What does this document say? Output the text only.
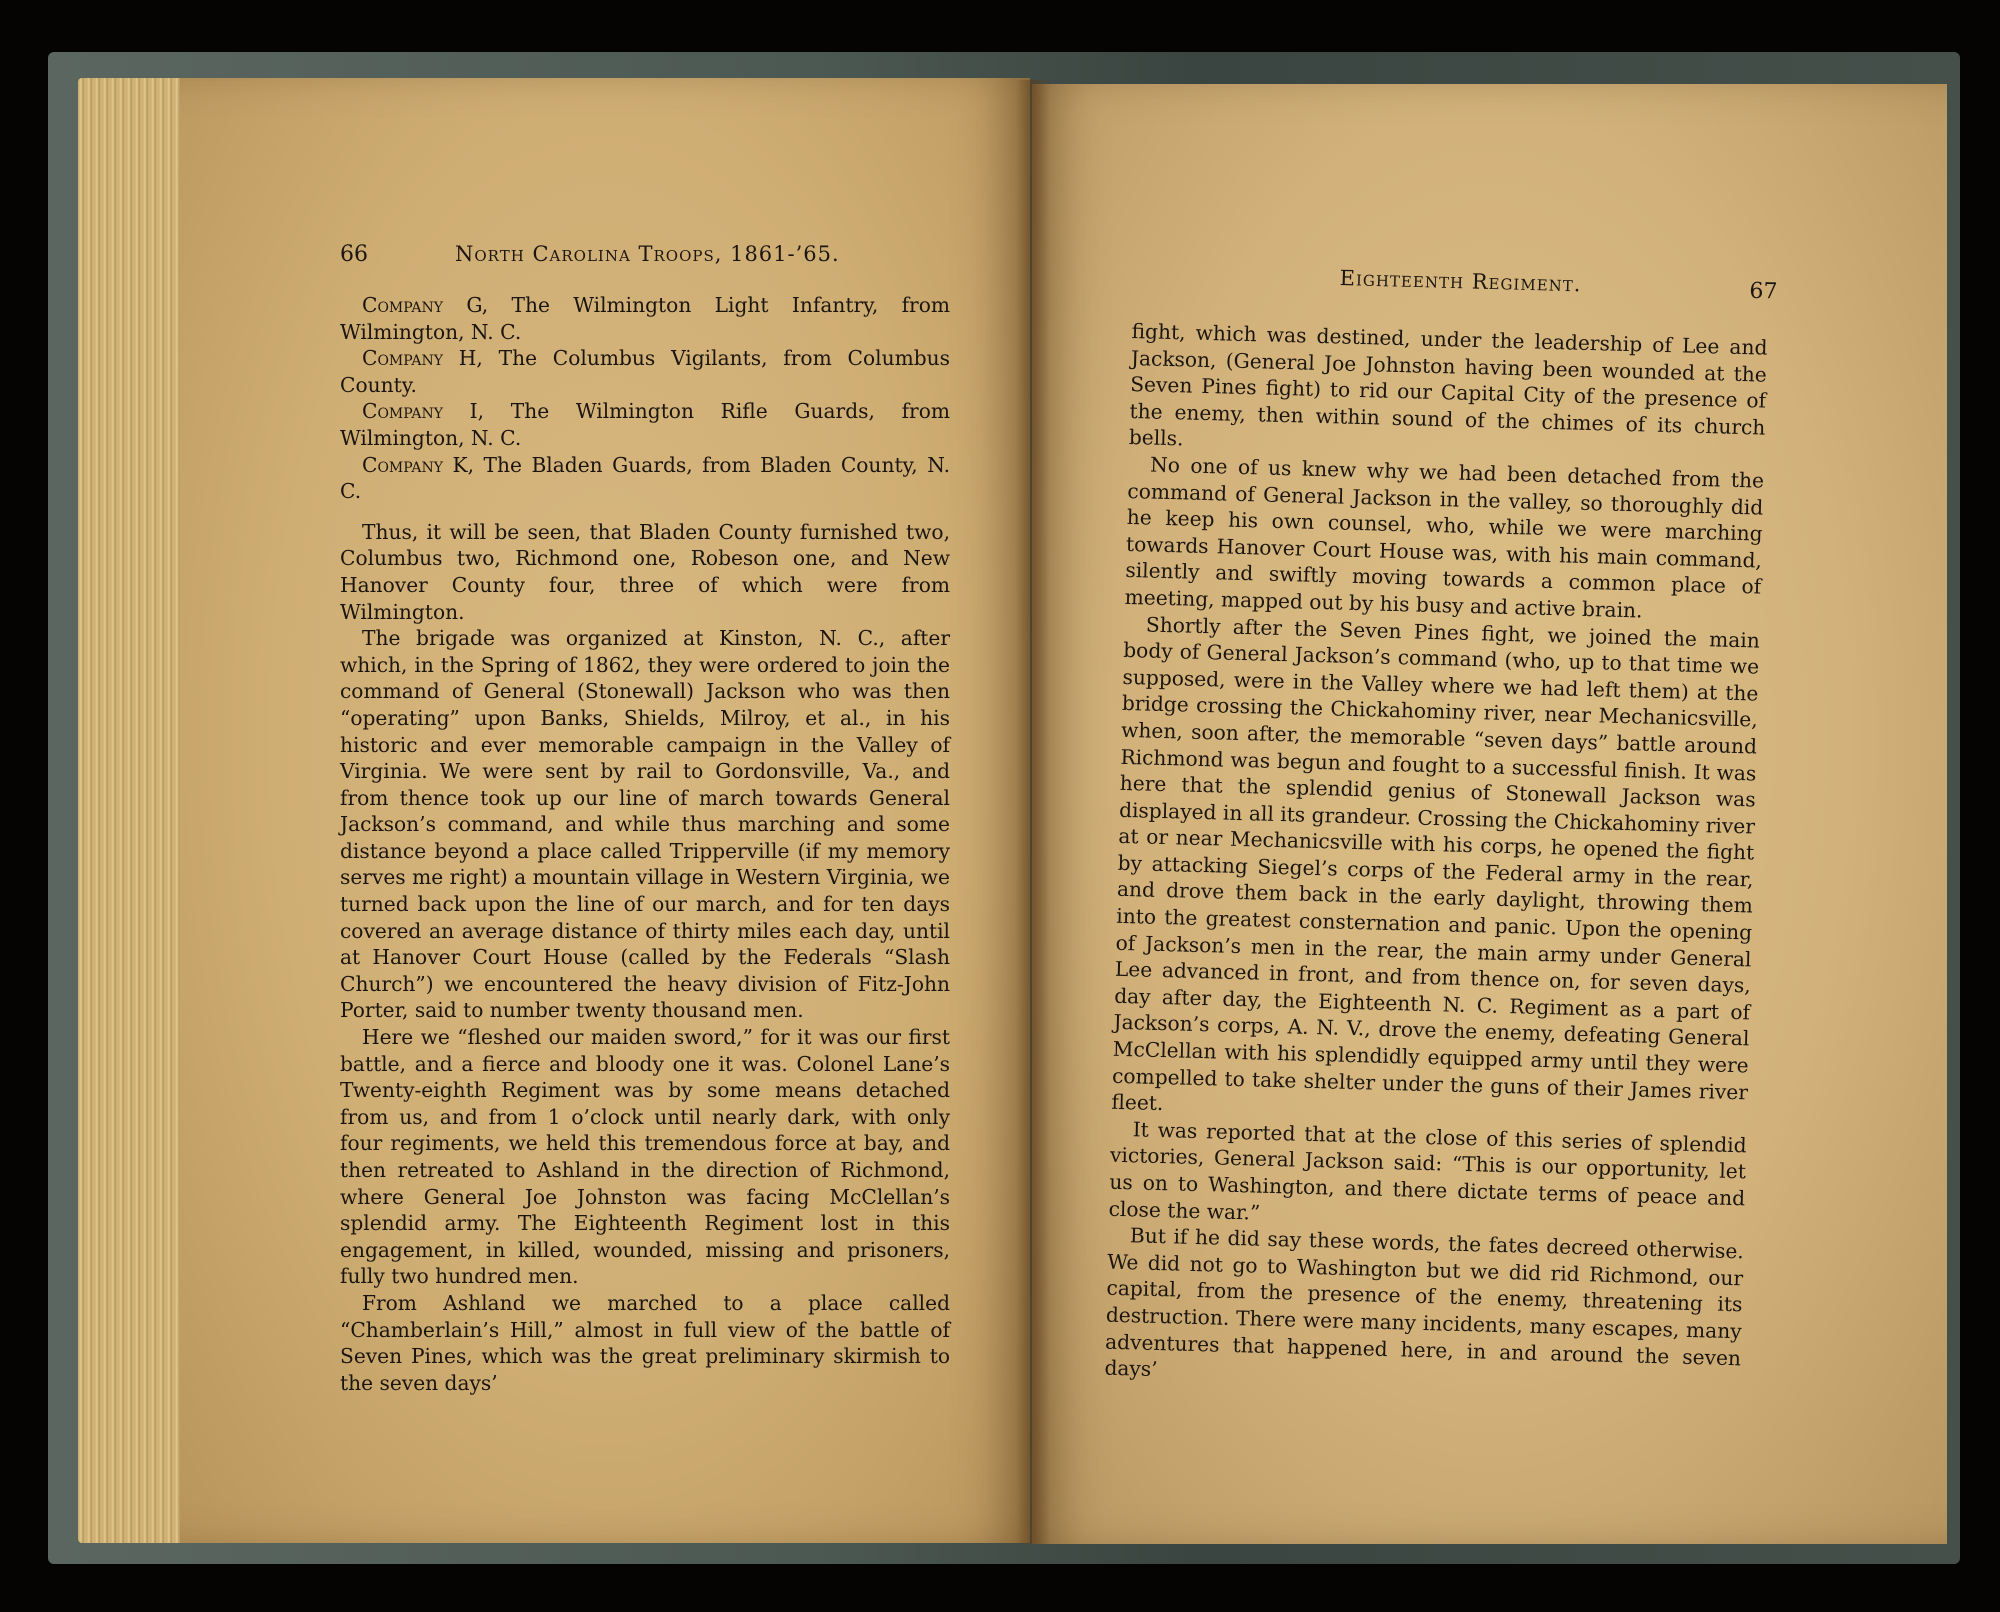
66	North Carolina Troops, 1861-’65.

Company G, The Wilmington Light Infantry, from Wilmington, N. C.

Company H, The Columbus Vigilants, from Columbus County.

Company I, The Wilmington Rifle Guards, from Wilmington, N. C.

Company K, The Bladen Guards, from Bladen County, N. C.

Thus, it will be seen, that Bladen County furnished two, Columbus two, Richmond one, Robeson one, and New Hanover County four, three of which were from Wilmington.

The brigade was organized at Kinston, N. C., after which, in the Spring of 1862, they were ordered to join the command of General (Stonewall) Jackson who was then “operating” upon Banks, Shields, Milroy, et al., in his historic and ever memorable campaign in the Valley of Virginia. We were sent by rail to Gordonsville, Va., and from thence took up our line of march towards General Jackson’s command, and while thus marching and some distance beyond a place called Tripperville (if my memory serves me right) a mountain village in Western Virginia, we turned back upon the line of our march, and for ten days covered an average distance of thirty miles each day, until at Hanover Court House (called by the Federals “Slash Church”) we encountered the heavy division of Fitz-John Porter, said to number twenty thousand men.

Here we “fleshed our maiden sword,” for it was our first battle, and a fierce and bloody one it was. Colonel Lane’s Twenty-eighth Regiment was by some means detached from us, and from 1 o’clock until nearly dark, with only four regiments, we held this tremendous force at bay, and then retreated to Ashland in the direction of Richmond, where General Joe Johnston was facing McClellan’s splendid army. The Eighteenth Regiment lost in this engagement, in killed, wounded, missing and prisoners, fully two hundred men.

From Ashland we marched to a place called “Chamberlain’s Hill,” almost in full view of the battle of Seven Pines, which was the great preliminary skirmish to the seven days’

Eighteenth Regiment.	67

fight, which was destined, under the leadership of Lee and Jackson, (General Joe Johnston having been wounded at the Seven Pines fight) to rid our Capital City of the presence of the enemy, then within sound of the chimes of its church bells.

No one of us knew why we had been detached from the command of General Jackson in the valley, so thoroughly did he keep his own counsel, who, while we were marching towards Hanover Court House was, with his main command, silently and swiftly moving towards a common place of meeting, mapped out by his busy and active brain.

Shortly after the Seven Pines fight, we joined the main body of General Jackson’s command (who, up to that time we supposed, were in the Valley where we had left them) at the bridge crossing the Chickahominy river, near Mechanicsville, when, soon after, the memorable “seven days” battle around Richmond was begun and fought to a successful finish. It was here that the splendid genius of Stonewall Jackson was displayed in all its grandeur. Crossing the Chickahominy river at or near Mechanicsville with his corps, he opened the fight by attacking Siegel’s corps of the Federal army in the rear, and drove them back in the early daylight, throwing them into the greatest consternation and panic. Upon the opening of Jackson’s men in the rear, the main army under General Lee advanced in front, and from thence on, for seven days, day after day, the Eighteenth N. C. Regiment as a part of Jackson’s corps, A. N. V., drove the enemy, defeating General McClellan with his splendidly equipped army until they were compelled to take shelter under the guns of their James river fleet.

It was reported that at the close of this series of splendid victories, General Jackson said: “This is our opportunity, let us on to Washington, and there dictate terms of peace and close the war.”

But if he did say these words, the fates decreed otherwise. We did not go to Washington but we did rid Richmond, our capital, from the presence of the enemy, threatening its destruction. There were many incidents, many escapes, many adventures that happened here, in and around the seven days’
